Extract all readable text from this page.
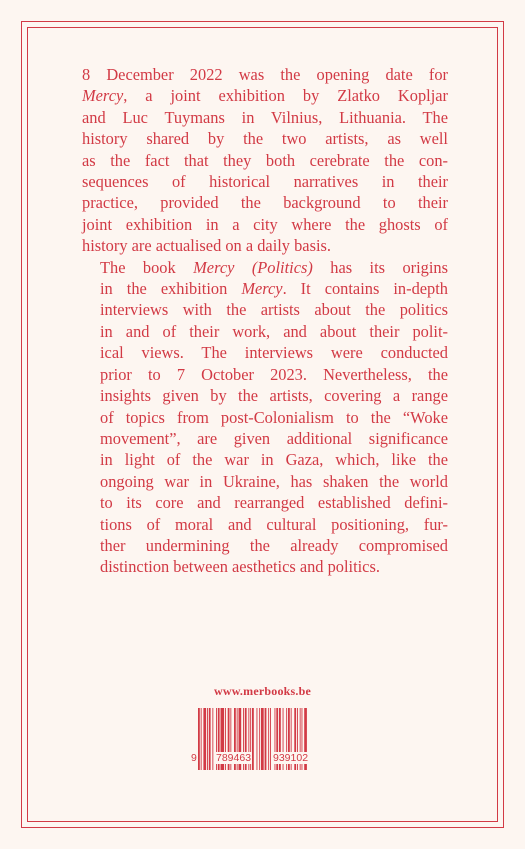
8 December 2022 was the opening date for
Mercy, a joint exhibition by Zlatko Kopljar
and Luc Tuymans in Vilnius, Lithuania. The
history shared by the two artists, as well
as the fact that they both cerebrate the con-
sequences of historical narratives in their
practice, provided the background to their
joint exhibition in a city where the ghosts of
history are actualised on a daily basis.

The book Mercy (Politics) has its origins
in the exhibition Mercy. It contains in-depth
interviews with the artists about the politics
in and of their work, and about their polit-
ical views. The interviews were conducted
prior to 7 October 2023. Nevertheless, the
insights given by the artists, covering a range
of topics from post-Colonialism to the “Woke
movement”, are given additional significance
in light of the war in Gaza, which, like the
ongoing war in Ukraine, has shaken the world
to its core and rearranged established defini-
tions of moral and cultural positioning, fur-
ther undermining the already compromised
distinction between aesthetics and politics.

www.merbooks.be
9 789463 939102
